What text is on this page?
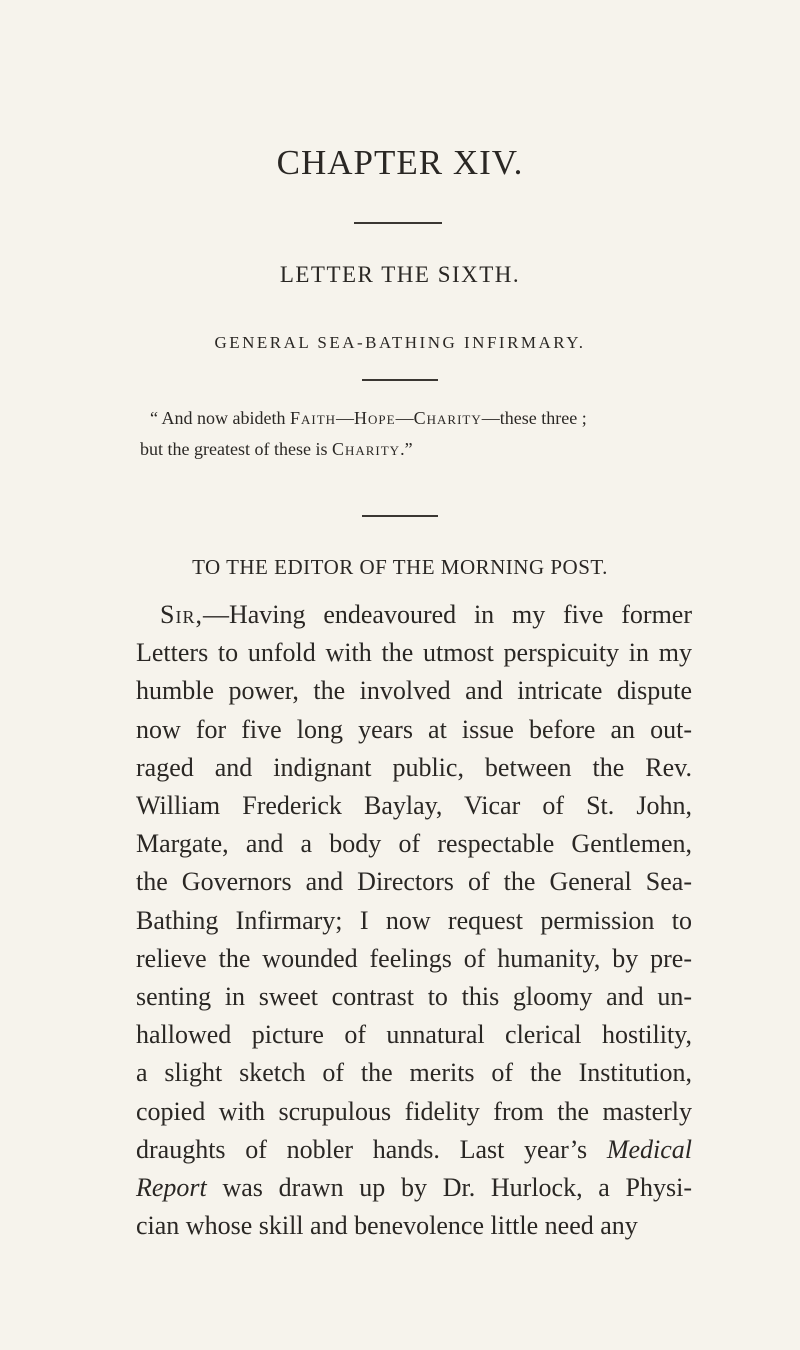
CHAPTER XIV.
LETTER THE SIXTH.
GENERAL SEA-BATHING INFIRMARY.
“ And now abideth Faith—Hope—Charity—these three ;
but the greatest of these is Charity.”
TO THE EDITOR OF THE MORNING POST.
Sir,—Having endeavoured in my five former
Letters to unfold with the utmost perspicuity in my
humble power, the involved and intricate dispute
now for five long years at issue before an out-
raged and indignant public, between the Rev.
William Frederick Baylay, Vicar of St. John,
Margate, and a body of respectable Gentlemen,
the Governors and Directors of the General Sea-
Bathing Infirmary; I now request permission to
relieve the wounded feelings of humanity, by pre-
senting in sweet contrast to this gloomy and un-
hallowed picture of unnatural clerical hostility,
a slight sketch of the merits of the Institution,
copied with scrupulous fidelity from the masterly
draughts of nobler hands. Last year’s Medical
Report was drawn up by Dr. Hurlock, a Physi-
cian whose skill and benevolence little need any
